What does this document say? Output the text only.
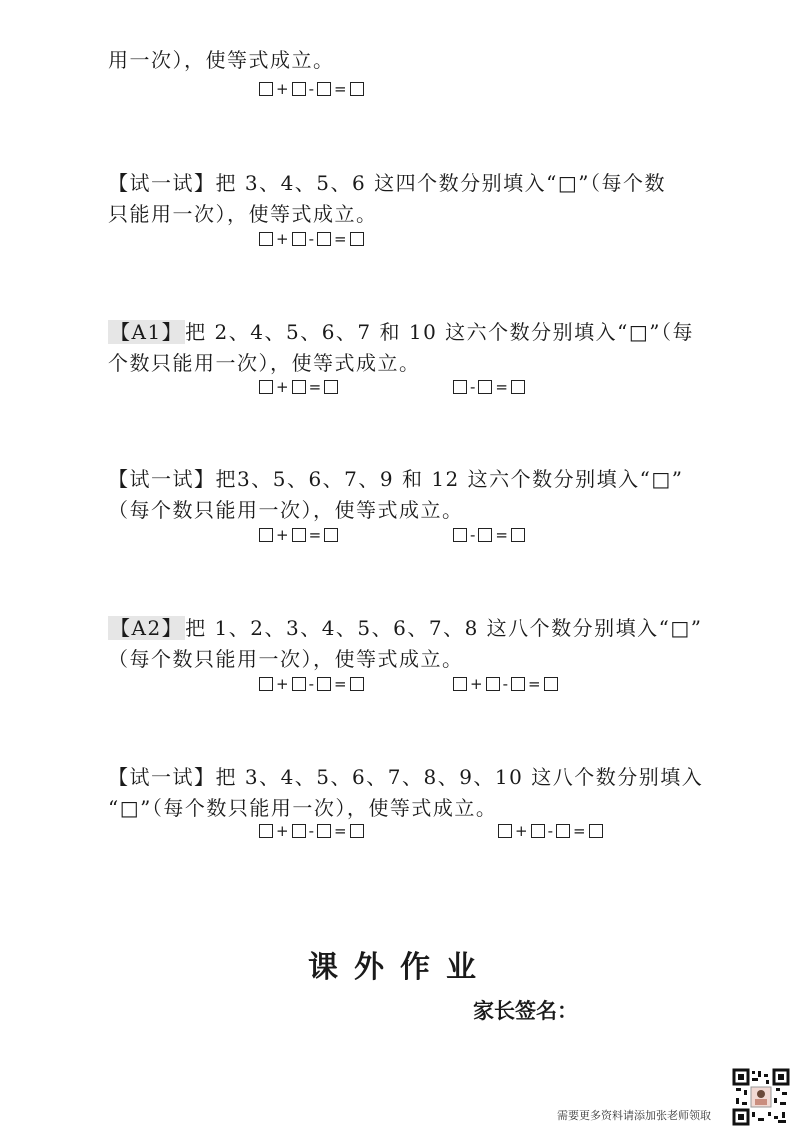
用一次），使等式成立。
+ - =
【试一试】把 3、4、5、6 这四个数分别填入“□”（每个数
只能用一次），使等式成立。
+ - =
【A1】 把 2、4、5、6、7 和 10 这六个数分别填入“□”（每
个数只能用一次），使等式成立。
+ =	- =
【试一试】把3、5、6、7、9 和 12 这六个数分别填入“□”
（每个数只能用一次），使等式成立。
+ =	- =
【A2】 把 1、2、3、4、5、6、7、8 这八个数分别填入“□”
（每个数只能用一次），使等式成立。
+ - =	+ - =
【试一试】把 3、4、5、6、7、8、9、10 这八个数分别填入
“□”（每个数只能用一次），使等式成立。
+ - =	+ - =
课外作业
家长签名：
需要更多资料请添加张老师领取
